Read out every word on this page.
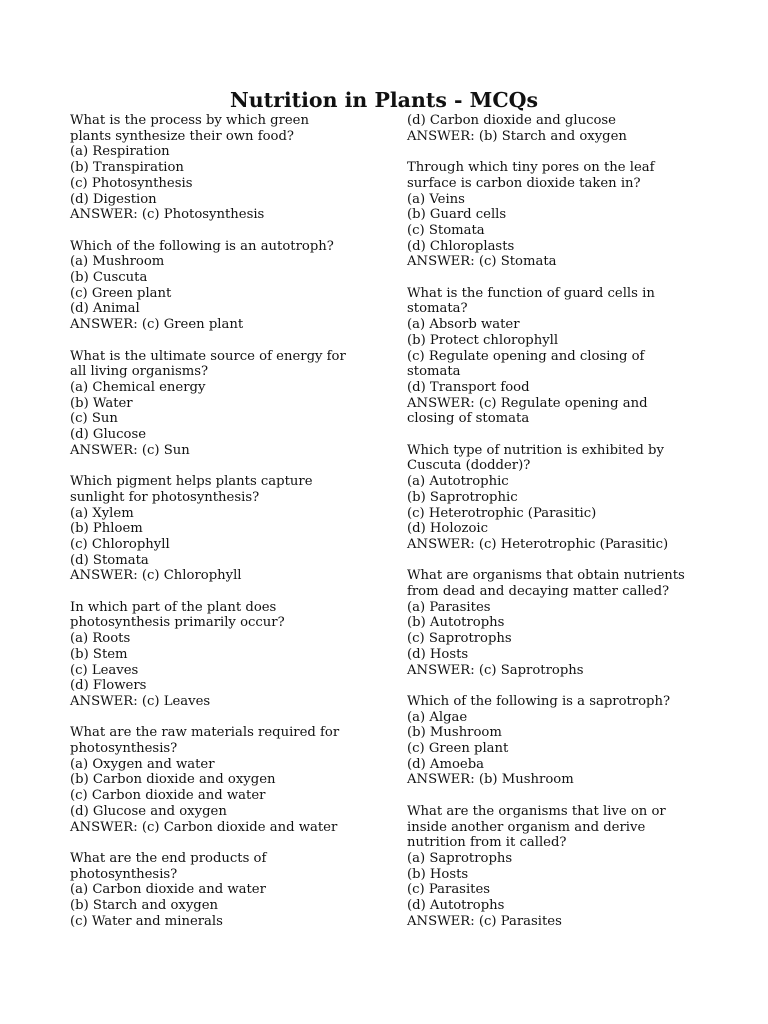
Nutrition in Plants - MCQs
What is the process by which green
plants synthesize their own food?
(a) Respiration
(b) Transpiration
(c) Photosynthesis
(d) Digestion
ANSWER: (c) Photosynthesis
Which of the following is an autotroph?
(a) Mushroom
(b) Cuscuta
(c) Green plant
(d) Animal
ANSWER: (c) Green plant
What is the ultimate source of energy for
all living organisms?
(a) Chemical energy
(b) Water
(c) Sun
(d) Glucose
ANSWER: (c) Sun
Which pigment helps plants capture
sunlight for photosynthesis?
(a) Xylem
(b) Phloem
(c) Chlorophyll
(d) Stomata
ANSWER: (c) Chlorophyll
In which part of the plant does
photosynthesis primarily occur?
(a) Roots
(b) Stem
(c) Leaves
(d) Flowers
ANSWER: (c) Leaves
What are the raw materials required for
photosynthesis?
(a) Oxygen and water
(b) Carbon dioxide and oxygen
(c) Carbon dioxide and water
(d) Glucose and oxygen
ANSWER: (c) Carbon dioxide and water
What are the end products of
photosynthesis?
(a) Carbon dioxide and water
(b) Starch and oxygen
(c) Water and minerals
(d) Carbon dioxide and glucose
ANSWER: (b) Starch and oxygen
Through which tiny pores on the leaf
surface is carbon dioxide taken in?
(a) Veins
(b) Guard cells
(c) Stomata
(d) Chloroplasts
ANSWER: (c) Stomata
What is the function of guard cells in
stomata?
(a) Absorb water
(b) Protect chlorophyll
(c) Regulate opening and closing of
stomata
(d) Transport food
ANSWER: (c) Regulate opening and
closing of stomata
Which type of nutrition is exhibited by
Cuscuta (dodder)?
(a) Autotrophic
(b) Saprotrophic
(c) Heterotrophic (Parasitic)
(d) Holozoic
ANSWER: (c) Heterotrophic (Parasitic)
What are organisms that obtain nutrients
from dead and decaying matter called?
(a) Parasites
(b) Autotrophs
(c) Saprotrophs
(d) Hosts
ANSWER: (c) Saprotrophs
Which of the following is a saprotroph?
(a) Algae
(b) Mushroom
(c) Green plant
(d) Amoeba
ANSWER: (b) Mushroom
What are the organisms that live on or
inside another organism and derive
nutrition from it called?
(a) Saprotrophs
(b) Hosts
(c) Parasites
(d) Autotrophs
ANSWER: (c) Parasites
